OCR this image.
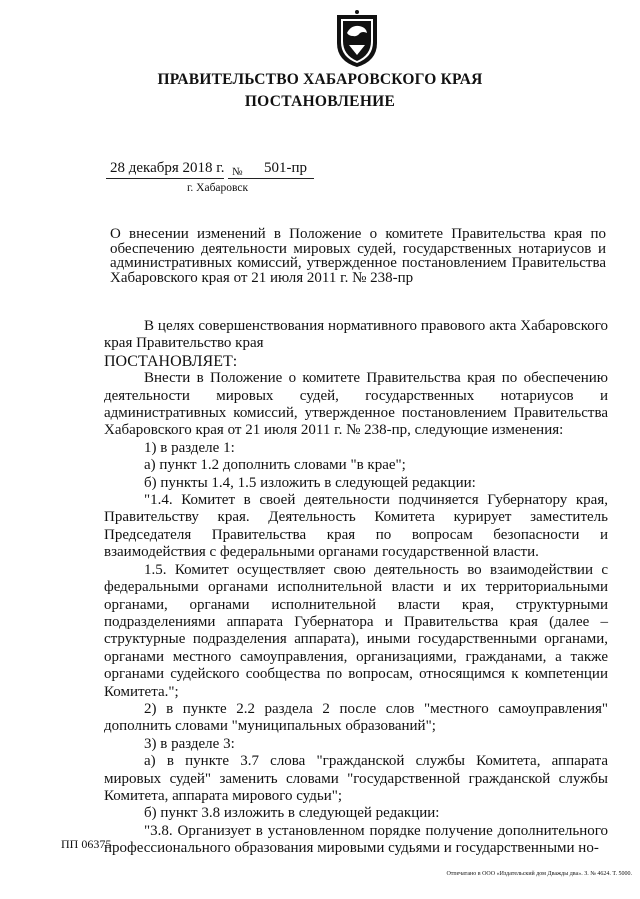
ПРАВИТЕЛЬСТВО ХАБАРОВСКОГО КРАЯ
ПОСТАНОВЛЕНИЕ
28 декабря 2018 г. № 501-пр
г. Хабаровск
О внесении изменений в Положение о комитете Правительства края по обеспечению деятельности мировых судей, государственных нотариусов и административных комиссий, утвержденное постановлением Правительства Хабаровского края от 21 июля 2011 г. № 238-пр

В целях совершенствования нормативного правового акта Хабаровского края Правительство края

ПОСТАНОВЛЯЕТ:

Внести в Положение о комитете Правительства края по обеспечению деятельности мировых судей, государственных нотариусов и административных комиссий, утвержденное постановлением Правительства Хабаровского края от 21 июля 2011 г. № 238-пр, следующие изменения:

1) в разделе 1:

а) пункт 1.2 дополнить словами "в крае";

б) пункты 1.4, 1.5 изложить в следующей редакции:

"1.4. Комитет в своей деятельности подчиняется Губернатору края, Правительству края. Деятельность Комитета курирует заместитель Председателя Правительства края по вопросам безопасности и взаимодействия с федеральными органами государственной власти.

1.5. Комитет осуществляет свою деятельность во взаимодействии с федеральными органами исполнительной власти и их территориальными органами, органами исполнительной власти края, структурными подразделениями аппарата Губернатора и Правительства края (далее – структурные подразделения аппарата), иными государственными органами, органами местного самоуправления, организациями, гражданами, а также органами судейского сообщества по вопросам, относящимся к компетенции Комитета.";

2) в пункте 2.2 раздела 2 после слов "местного самоуправления" дополнить словами "муниципальных образований";

3) в разделе 3:

а) в пункте 3.7 слова "гражданской службы Комитета, аппарата мировых судей" заменить словами "государственной гражданской службы Комитета, аппарата мирового судьи";

б) пункт 3.8 изложить в следующей редакции:

"3.8. Организует в установленном порядке получение дополнительного профессионального образования мировыми судьями и государственными но-

ПП 06375
Отпечатано в ООО «Издательский дом Дважды два». З. № 4624. Т. 5000.
